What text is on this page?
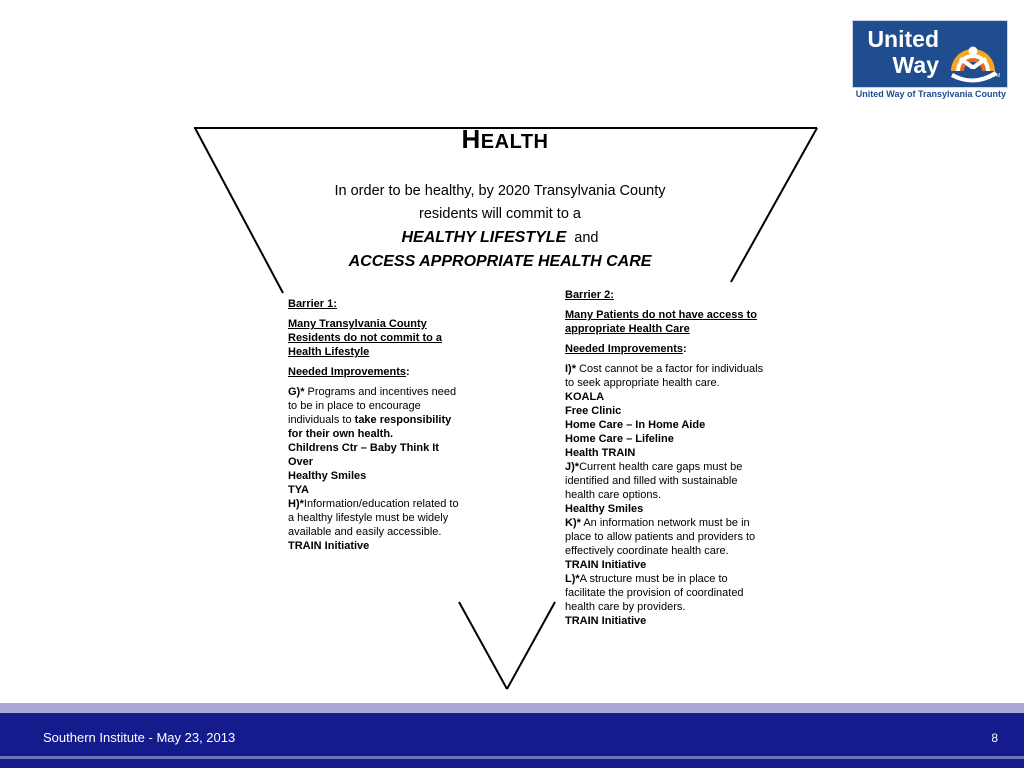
United
Way	TM
United Way of Transylvania County
HEALTH
In order to be healthy, by 2020 Transylvania County
residents will commit to a
HEALTHY LIFESTYLE and
ACCESS APPROPRIATE HEALTH CARE

Barrier 1:

Many Transylvania County Residents do not commit to a Health Lifestyle

Needed Improvements:

G)* Programs and incentives need to be in place to encourage individuals to take responsibility for their own health.

Childrens Ctr – Baby Think It Over

Healthy Smiles

TYA

H)*Information/education related to a healthy lifestyle must be widely available and easily accessible.

TRAIN Initiative

Barrier 2:

Many Patients do not have access to appropriate Health Care

Needed Improvements:

I)* Cost cannot be a factor for individuals to seek appropriate health care.

KOALA

Free Clinic

Home Care – In Home Aide

Home Care – Lifeline

Health TRAIN

J)*Current health care gaps must be identified and filled with sustainable health care options.

Healthy Smiles

K)* An information network must be in place to allow patients and providers to effectively coordinate health care.

TRAIN Initiative

L)*A structure must be in place to facilitate the provision of coordinated health care by providers.

TRAIN Initiative

Southern Institute - May 23, 2013	8
